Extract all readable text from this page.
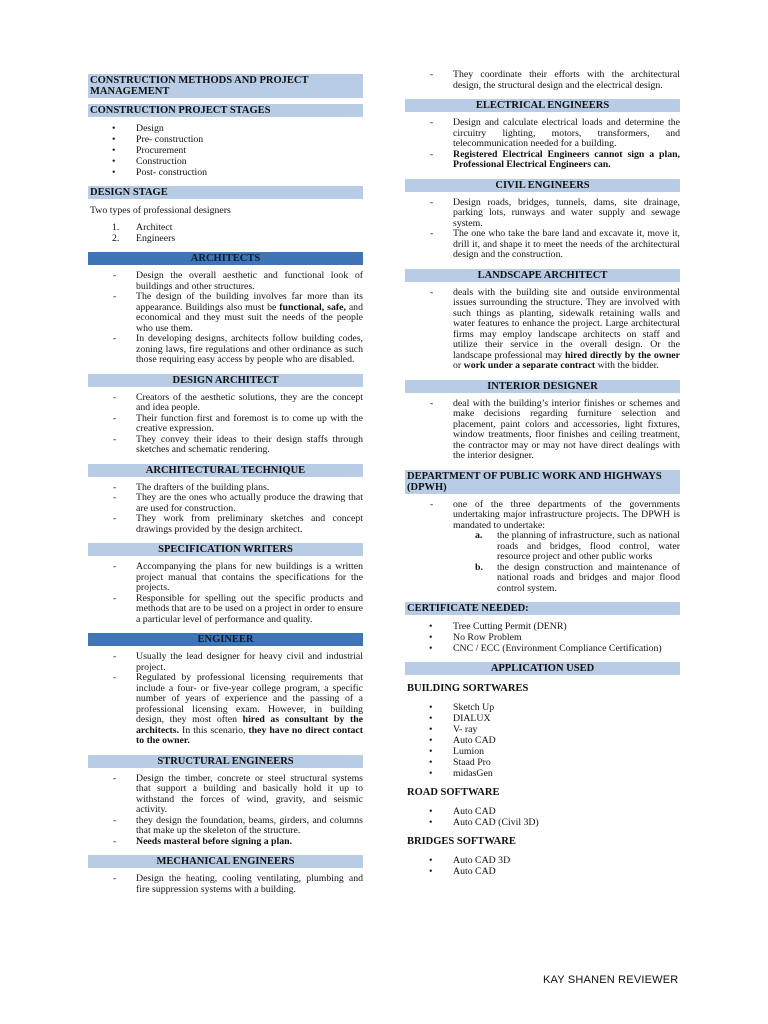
CONSTRUCTION METHODS AND PROJECT MANAGEMENT
CONSTRUCTION PROJECT STAGES
• Design
• Pre- construction
• Procurement
• Construction
• Post- construction
DESIGN STAGE
Two types of professional designers
1. Architect
2. Engineers
ARCHITECTS
- Design the overall aesthetic and functional look of buildings and other structures.
- The design of the building involves far more than its appearance. Buildings also must be functional, safe, and economical and they must suit the needs of the people who use them.
- In developing designs, architects follow building codes, zoning laws, fire regulations and other ordinance as such those requiring easy access by people who are disabled.
DESIGN ARCHITECT
- Creators of the aesthetic solutions, they are the concept and idea people.
- Their function first and foremost is to come up with the creative expression.
- They convey their ideas to their design staffs through sketches and schematic rendering.
ARCHITECTURAL TECHNIQUE
- The drafters of the building plans.
- They are the ones who actually produce the drawing that are used for construction.
- They work from preliminary sketches and concept drawings provided by the design architect.
SPECIFICATION WRITERS
- Accompanying the plans for new buildings is a written project manual that contains the specifications for the projects.
- Responsible for spelling out the specific products and methods that are to be used on a project in order to ensure a particular level of performance and quality.
ENGINEER
- Usually the lead designer for heavy civil and industrial project.
- Regulated by professional licensing requirements that include a four- or five-year college program, a specific number of years of experience and the passing of a professional licensing exam. However, in building design, they most often hired as consultant by the architects. In this scenario, they have no direct contact to the owner.
STRUCTURAL ENGINEERS
- Design the timber, concrete or steel structural systems that support a building and basically hold it up to withstand the forces of wind, gravity, and seismic activity.
- they design the foundation, beams, girders, and columns that make up the skeleton of the structure.
- Needs masteral before signing a plan.
MECHANICAL ENGINEERS
- Design the heating, cooling ventilating, plumbing and fire suppression systems with a building.
- They coordinate their efforts with the architectural design, the structural design and the electrical design.
ELECTRICAL ENGINEERS
- Design and calculate electrical loads and determine the circuitry lighting, motors, transformers, and telecommunication needed for a building.
- Registered Electrical Engineers cannot sign a plan, Professional Electrical Engineers can.
CIVIL ENGINEERS
- Design roads, bridges, tunnels, dams, site drainage, parking lots, runways and water supply and sewage system.
- The one who take the bare land and excavate it, move it, drill it, and shape it to meet the needs of the architectural design and the construction.
LANDSCAPE ARCHITECT
- deals with the building site and outside environmental issues surrounding the structure. They are involved with such things as planting, sidewalk retaining walls and water features to enhance the project. Large architectural firms may employ landscape architects on staff and utilize their service in the overall design. Or the landscape professional may hired directly by the owner or work under a separate contract with the bidder.
INTERIOR DESIGNER
- deal with the building’s interior finishes or schemes and make decisions regarding furniture selection and placement, paint colors and accessories, light fixtures, window treatments, floor finishes and ceiling treatment, the contractor may or may not have direct dealings with the interior designer.
DEPARTMENT OF PUBLIC WORK AND HIGHWAYS (DPWH)
- one of the three departments of the governments undertaking major infrastructure projects. The DPWH is mandated to undertake:
a. the planning of infrastructure, such as national roads and bridges, flood control, water resource project and other public works
b. the design construction and maintenance of national roads and bridges and major flood control system.
CERTIFICATE NEEDED:
• Tree Cutting Permit (DENR)
• No Row Problem
• CNC / ECC (Environment Compliance Certification)
APPLICATION USED
BUILDING SORTWARES
• Sketch Up
• DIALUX
• V- ray
• Auto CAD
• Lumion
• Staad Pro
• midasGen
ROAD SOFTWARE
• Auto CAD
• Auto CAD (Civil 3D)
BRIDGES SOFTWARE
• Auto CAD 3D
• Auto CAD
KAY SHANEN REVIEWER
